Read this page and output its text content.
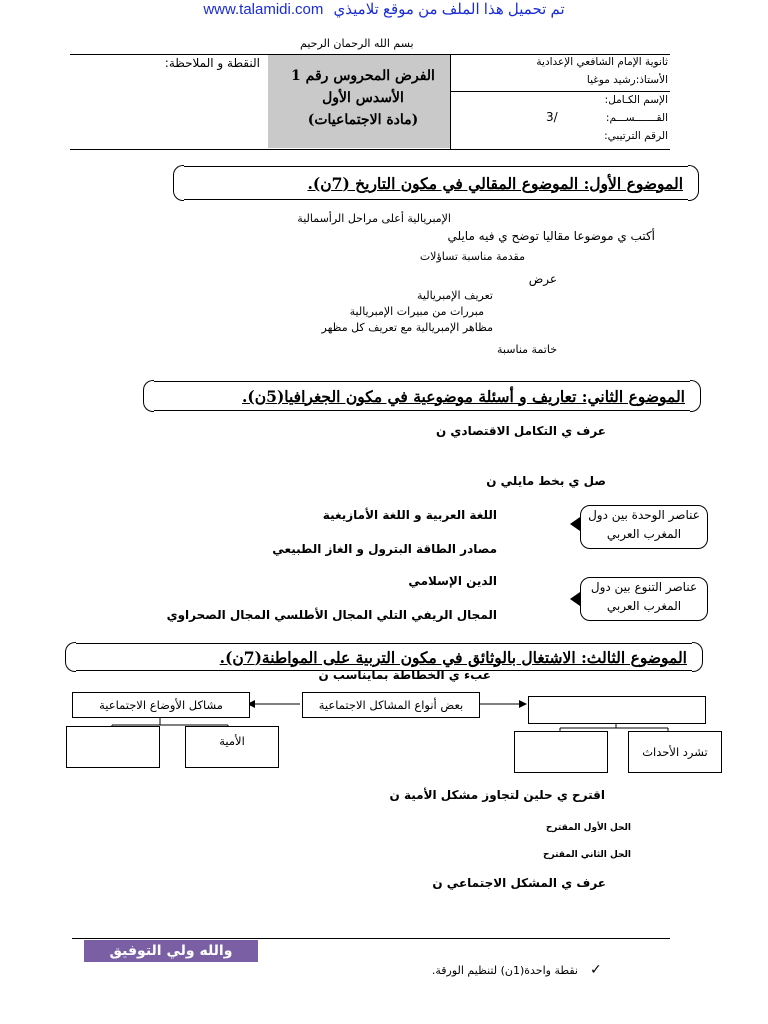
www.talamidi.com تم تحميل هذا الملف من موقع تلاميذي
بسم الله الرحمان الرحيم
الفرض المحروس رقم 1
الأسدس الأول
(مادة الاجتماعيات)
ثانوية الإمام الشافعي الإعدادية
الأستاذ:رشيد موغيا
الإسم الكـامل:
القـــــــســـم:
3/
الرقم الترتيبي:
النقطة و الملاحظة:
الموضوع الأول: الموضوع المقالي في مكون التاريخ (7ن).
الإمبريالية أعلى مراحل الرأسمالية
أكتب ي موضوعا مقاليا توضح ي فيه مايلي
مقدمة مناسبة تساؤلات
عرض
تعريف الإمبريالية
مبررات من مبيرات الإمبريالية
مظاهر الإمبريالية مع تعريف كل مظهر
خاتمة مناسبة
الموضوع الثاني: تعاريف و أسئلة موضوعية في مكون الجغرافيا(5ن).
عرف ي التكامل الاقتصادي ن
صل ي بخط مايلي ن
عناصر الوحدة بين دول المغرب العربي
عناصر التنوع بين دول المغرب العربي
اللغة العربية و اللغة الأمازيغية
مصادر الطاقة البترول و الغاز الطبيعي
الدين الإسلامي
المجال الريفي التلي المجال الأطلسي المجال الصحراوي
الموضوع الثالث: الاشتغال بالوثائق في مكون التربية على المواطنة(7ن).
عبء ي الخطاطة بمايناسب ن
مشاكل الأوضاع الاجتماعية	بعض أنواع المشاكل الاجتماعية
الأمية
تشرد الأحداث
اقترح ي حلين لتجاوز مشكل الأمية ن
الحل الأول المقترح
الحل الثاني المقترح
عرف ي المشكل الاجتماعي ن
والله ولي التوفيق
✓
نقطة واحدة(1ن) لتنظيم الورقة.
